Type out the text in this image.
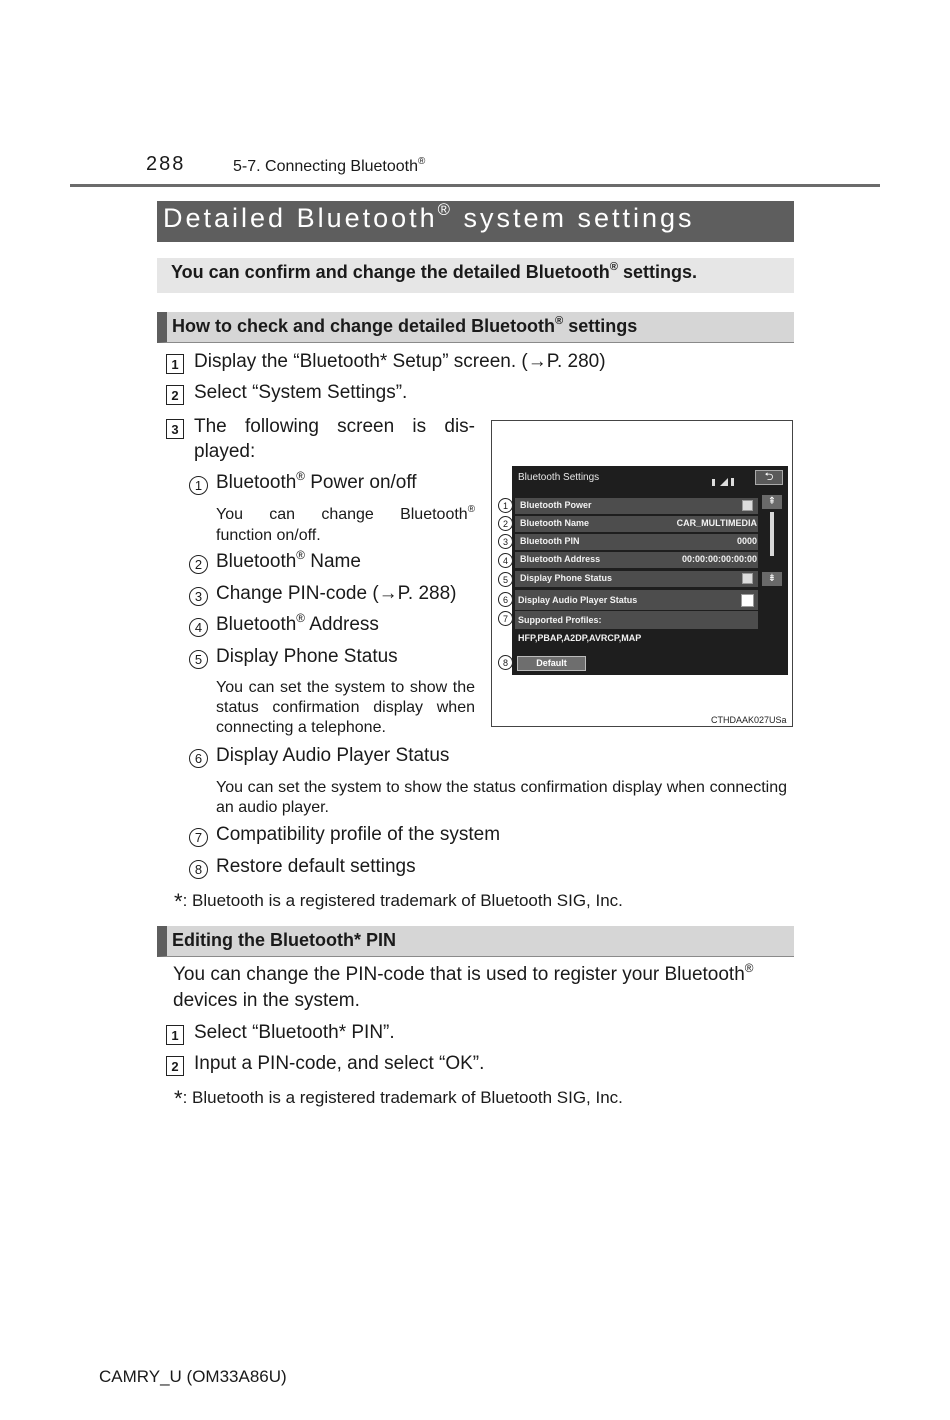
288	5-7. Connecting Bluetooth®
Detailed Bluetooth® system settings
You can confirm and change the detailed Bluetooth® settings.
How to check and change detailed Bluetooth® settings
1 Display the “Bluetooth* Setup” screen. (→P. 280)
2 Select “System Settings”.
3 The following screen is dis-
played:
1 Bluetooth® Power on/off
You can change Bluetooth®
function on/off.
2 Bluetooth® Name
3 Change PIN-code (→P. 288)
4 Bluetooth® Address
5 Display Phone Status
You can set the system to show the status confirmation display when connecting a telephone.
6 Display Audio Player Status
You can set the system to show the status confirmation display when connecting an audio player.
7 Compatibility profile of the system
8 Restore default settings
*: Bluetooth is a registered trademark of Bluetooth SIG, Inc.
Bluetooth Settings	⮌
Bluetooth Power
Bluetooth Name	CAR_MULTIMEDIA
Bluetooth PIN	0000
Bluetooth Address	00:00:00:00:00:00
Display Phone Status
Display Audio Player Status
Supported Profiles:
HFP,PBAP,A2DP,AVRCP,MAP
⇞
⇟
Default
1
2
3
4
5
6
7
8
CTHDAAK027USa
Editing the Bluetooth* PIN
You can change the PIN-code that is used to register your Bluetooth®
devices in the system.
1 Select “Bluetooth* PIN”.
2 Input a PIN-code, and select “OK”.
*: Bluetooth is a registered trademark of Bluetooth SIG, Inc.
CAMRY_U (OM33A86U)
